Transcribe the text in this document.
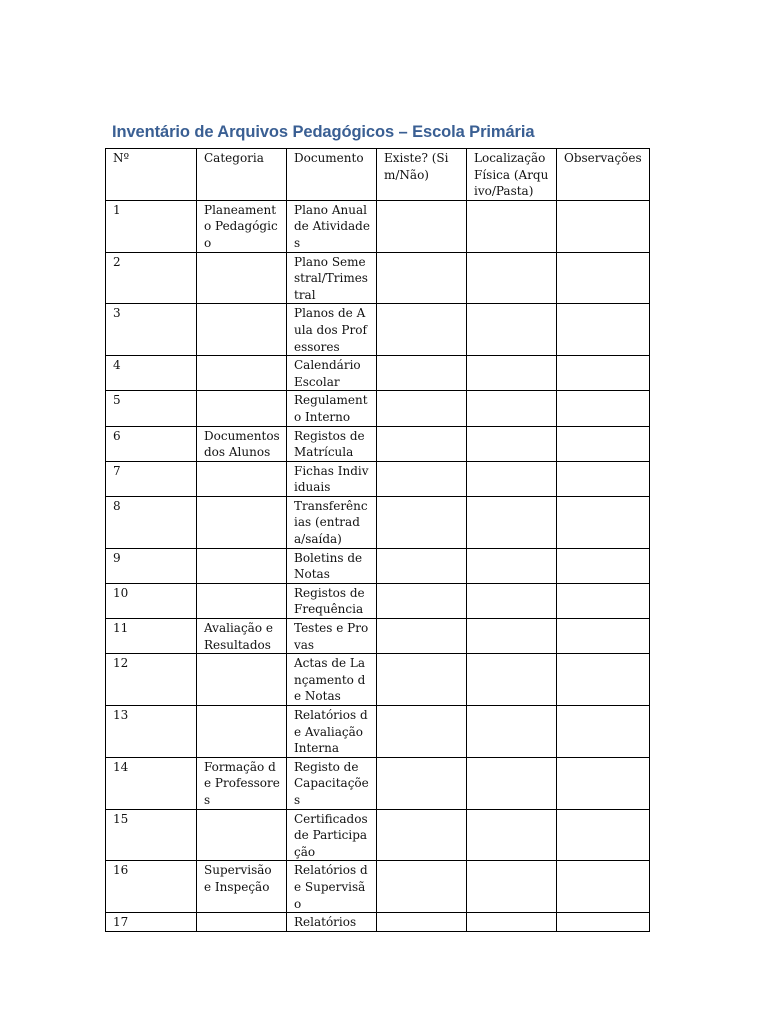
Inventário de Arquivos Pedagógicos – Escola Primária
Nº	Categoria	Documento	Existe? (Sim/Não)	Localização Física (Arquivo/Pasta)	Observações
1	Planeamento Pedagógico	Plano Anual de Atividades			
2		Plano Semestral/Trimestral			
3		Planos de Aula dos Professores			
4		Calendário Escolar			
5		Regulamento Interno			
6	Documentos dos Alunos	Registos de Matrícula			
7		Fichas Individuais			
8		Transferências (entrada/saída)			
9		Boletins de Notas			
10		Registos de Frequência			
11	Avaliação e Resultados	Testes e Provas			
12		Actas de Lançamento de Notas			
13		Relatórios de Avaliação Interna			
14	Formação de Professores	Registo de Capacitações			
15		Certificados de Participação			
16	Supervisão e Inspeção	Relatórios de Supervisão			
17		Relatórios			
